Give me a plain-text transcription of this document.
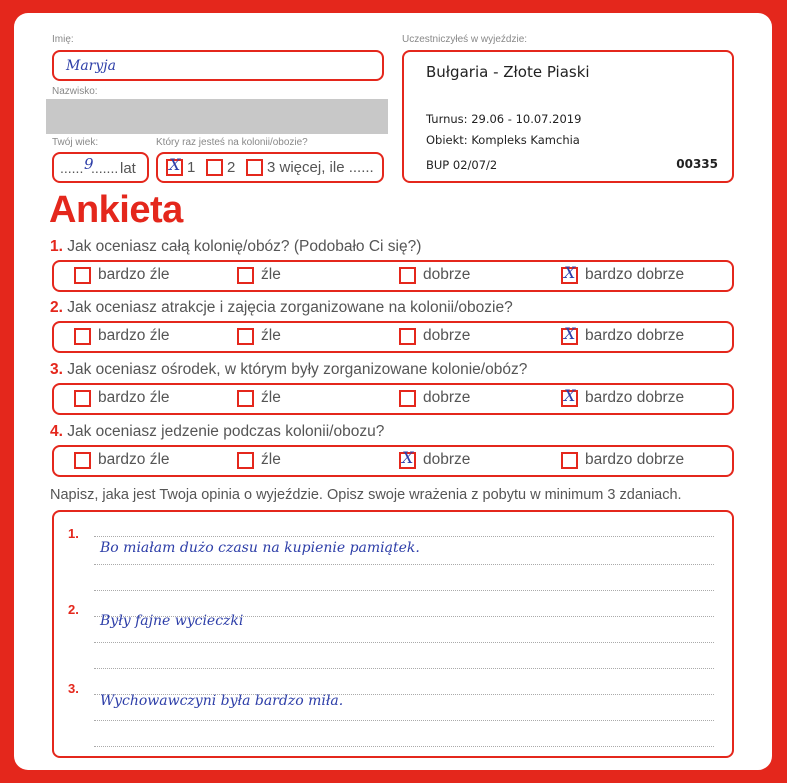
Imię:
Maryja
Nazwisko:
Twój wiek:
...... 9
....... lat
Który raz jesteś na kolonii/obozie?
X 1 2 3 więcej, ile ......
Uczestniczyłeś w wyjeździe:
Bułgaria - Złote Piaski
Turnus: 29.06 - 10.07.2019
Obiekt: Kompleks Kamchia
BUP 02/07/2	00335
Ankieta
1. Jak oceniasz całą kolonię/obóz? (Podobało Ci się?)
bardzo źle	źle	dobrze	X bardzo dobrze
2. Jak oceniasz atrakcje i zajęcia zorganizowane na kolonii/obozie?
bardzo źle	źle	dobrze	X bardzo dobrze
3. Jak oceniasz ośrodek, w którym były zorganizowane kolonie/obóz?
bardzo źle	źle	dobrze	X bardzo dobrze
4. Jak oceniasz jedzenie podczas kolonii/obozu?
bardzo źle	źle	X dobrze	bardzo dobrze
Napisz, jaka jest Twoja opinia o wyjeździe. Opisz swoje wrażenia z pobytu w minimum 3 zdaniach.
1.
Bo miałam dużo czasu na kupienie pamiątek.
2.
Były fajne wycieczki
3.
Wychowawczyni była bardzo miła.
